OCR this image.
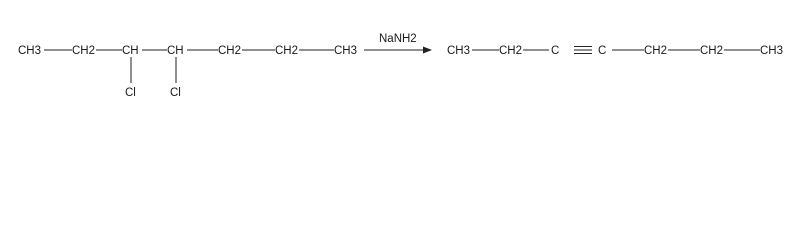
CH3	CH2 CH CH	CH2	CH2	CH3
Cl	Cl
NaNH2
CH3	CH2	C	C	CH2	CH2	CH3
